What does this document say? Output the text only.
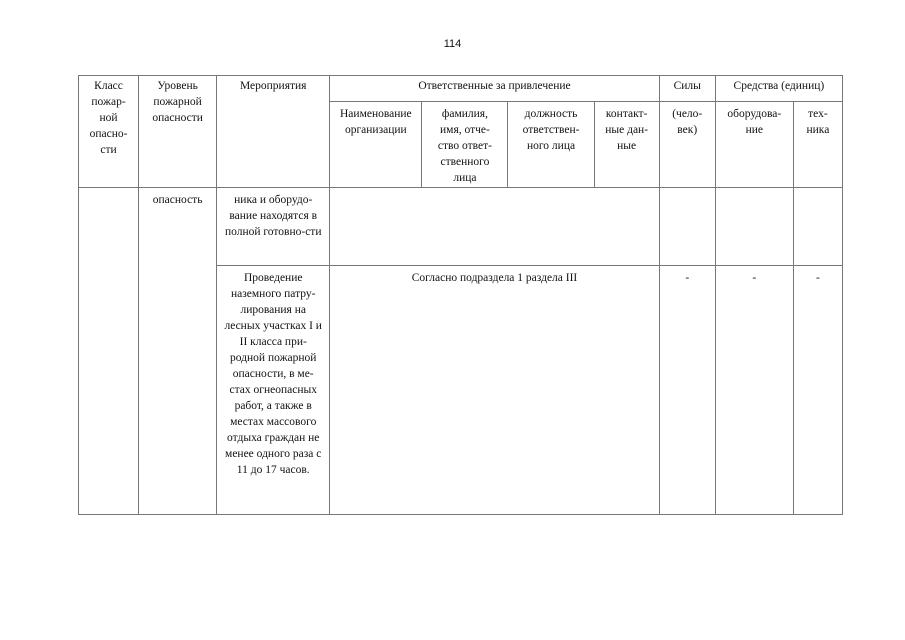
114
Класс пожар-ной опасно-сти	Уровень пожарной опасности	Мероприятия	Ответственные за привлечение				Силы	Средства (единиц)	

			Наименование организации	фамилия, имя, отче-ство ответ-ственного лица	должность ответствен-ного лица	контакт-ные дан-ные	(чело-век)	оборудова-ние	тех-ника

	опасность	ника и оборудо-вание находятся в полной готовно-сти							

		Проведение наземного патру-лирования на лесных участках I и II класса при-родной пожарной опасности, в ме-стах огнеопасных работ, а также в местах массового отдыха граждан не менее одного раза с 11 до 17 часов.	Согласно подраздела 1 раздела III				-	-	-
